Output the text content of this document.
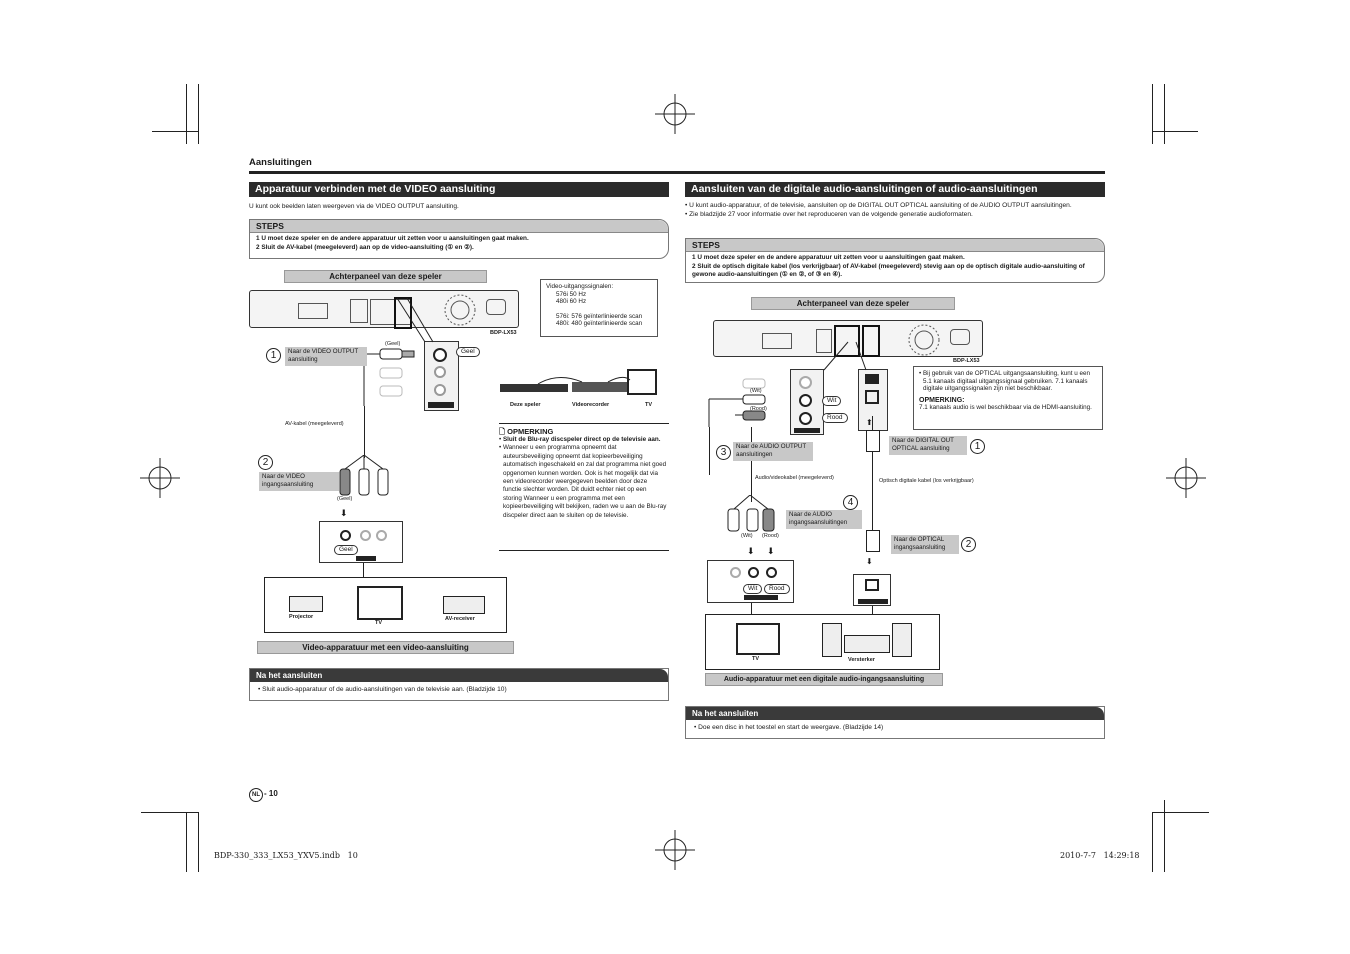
Aansluitingen
Apparatuur verbinden met de VIDEO aansluiting
U kunt ook beelden laten weergeven via de VIDEO OUTPUT aansluiting.
STEPS
1 U moet deze speler en de andere apparatuur uit zetten voor u aansluitingen gaat maken.
2 Sluit de AV-kabel (meegeleverd) aan op de video-aansluiting (① en ②).
Achterpaneel van deze speler
BDP-LX53
Geel
(Geel)
1	Naar de VIDEO OUTPUT aansluiting
AV-kabel (meegeleverd)
2
Naar de VIDEO ingangsaansluiting
(Geel)
⬇
Geel
Projector
TV
AV-receiver
Video-apparatuur met een video-aansluiting
Video-uitgangssignalen:
576i 50 Hz
480i 60 Hz
576i: 576 geïnterlinieerde scan
480i: 480 geïnterlinieerde scan
Deze speler	Videorecorder	TV
🗋 OPMERKING
• Sluit de Blu-ray discspeler direct op de televisie aan.
• Wanneer u een programma opneemt dat auteursbeveiliging opneemt dat kopieerbeveiliging automatisch ingeschakeld en zal dat programma niet goed opgenomen kunnen worden. Ook is het mogelijk dat via een videorecorder weergegeven beelden door deze functie slechter worden. Dit duidt echter niet op een storing Wanneer u een programma met een kopieerbeveiliging wilt bekijken, raden we u aan de Blu-ray discpeler direct aan te sluiten op de televisie.
Na het aansluiten
• Sluit audio-apparatuur of de audio-aansluitingen van de televisie aan. (Bladzijde 10)
Aansluiten van de digitale audio-aansluitingen of audio-aansluitingen
• U kunt audio-apparatuur, of de televisie, aansluiten op de DIGITAL OUT OPTICAL aansluiting of de AUDIO OUTPUT aansluitingen.
• Zie bladzijde 27 voor informatie over het reproduceren van de volgende generatie audioformaten.
STEPS
1 U moet deze speler en de andere apparatuur uit zetten voor u aansluitingen gaat maken.
2 Sluit de optisch digitale kabel (los verkrijgbaar) of AV-kabel (meegeleverd) stevig aan op de optisch digitale audio-aansluiting of gewone audio-aansluitingen (① en ②, of ③ en ④).
Achterpaneel van deze speler
BDP-LX53
Wit
Rood
(Wit)
(Rood)
3
Naar de AUDIO OUTPUT aansluitingen
Audio/videokabel (meegeleverd)
4
Naar de AUDIO ingangsaansluitingen
(Wit) (Rood)
⬇ ⬇
Wit	Rood
⬆
⬇
Naar de DIGITAL OUT OPTICAL aansluiting	1
Optisch digitale kabel (los verkrijgbaar)
Naar de OPTICAL ingangsaansluiting	2
• Bij gebruik van de OPTICAL uitgangsaansluiting, kunt u een 5.1 kanaals digitaal uitgangssignaal gebruiken. 7.1 kanaals digitale uitgangssignalen zijn niet beschikbaar.
OPMERKING:
7.1 kanaals audio is wel beschikbaar via de HDMI-aansluiting.
TV	Versterker
Audio-apparatuur met een digitale audio-ingangsaansluiting
Na het aansluiten
• Doe een disc in het toestel en start de weergave. (Bladzijde 14)
NL - 10
BDP-330_333_LX53_YXV5.indb   10	2010-7-7   14:29:18
